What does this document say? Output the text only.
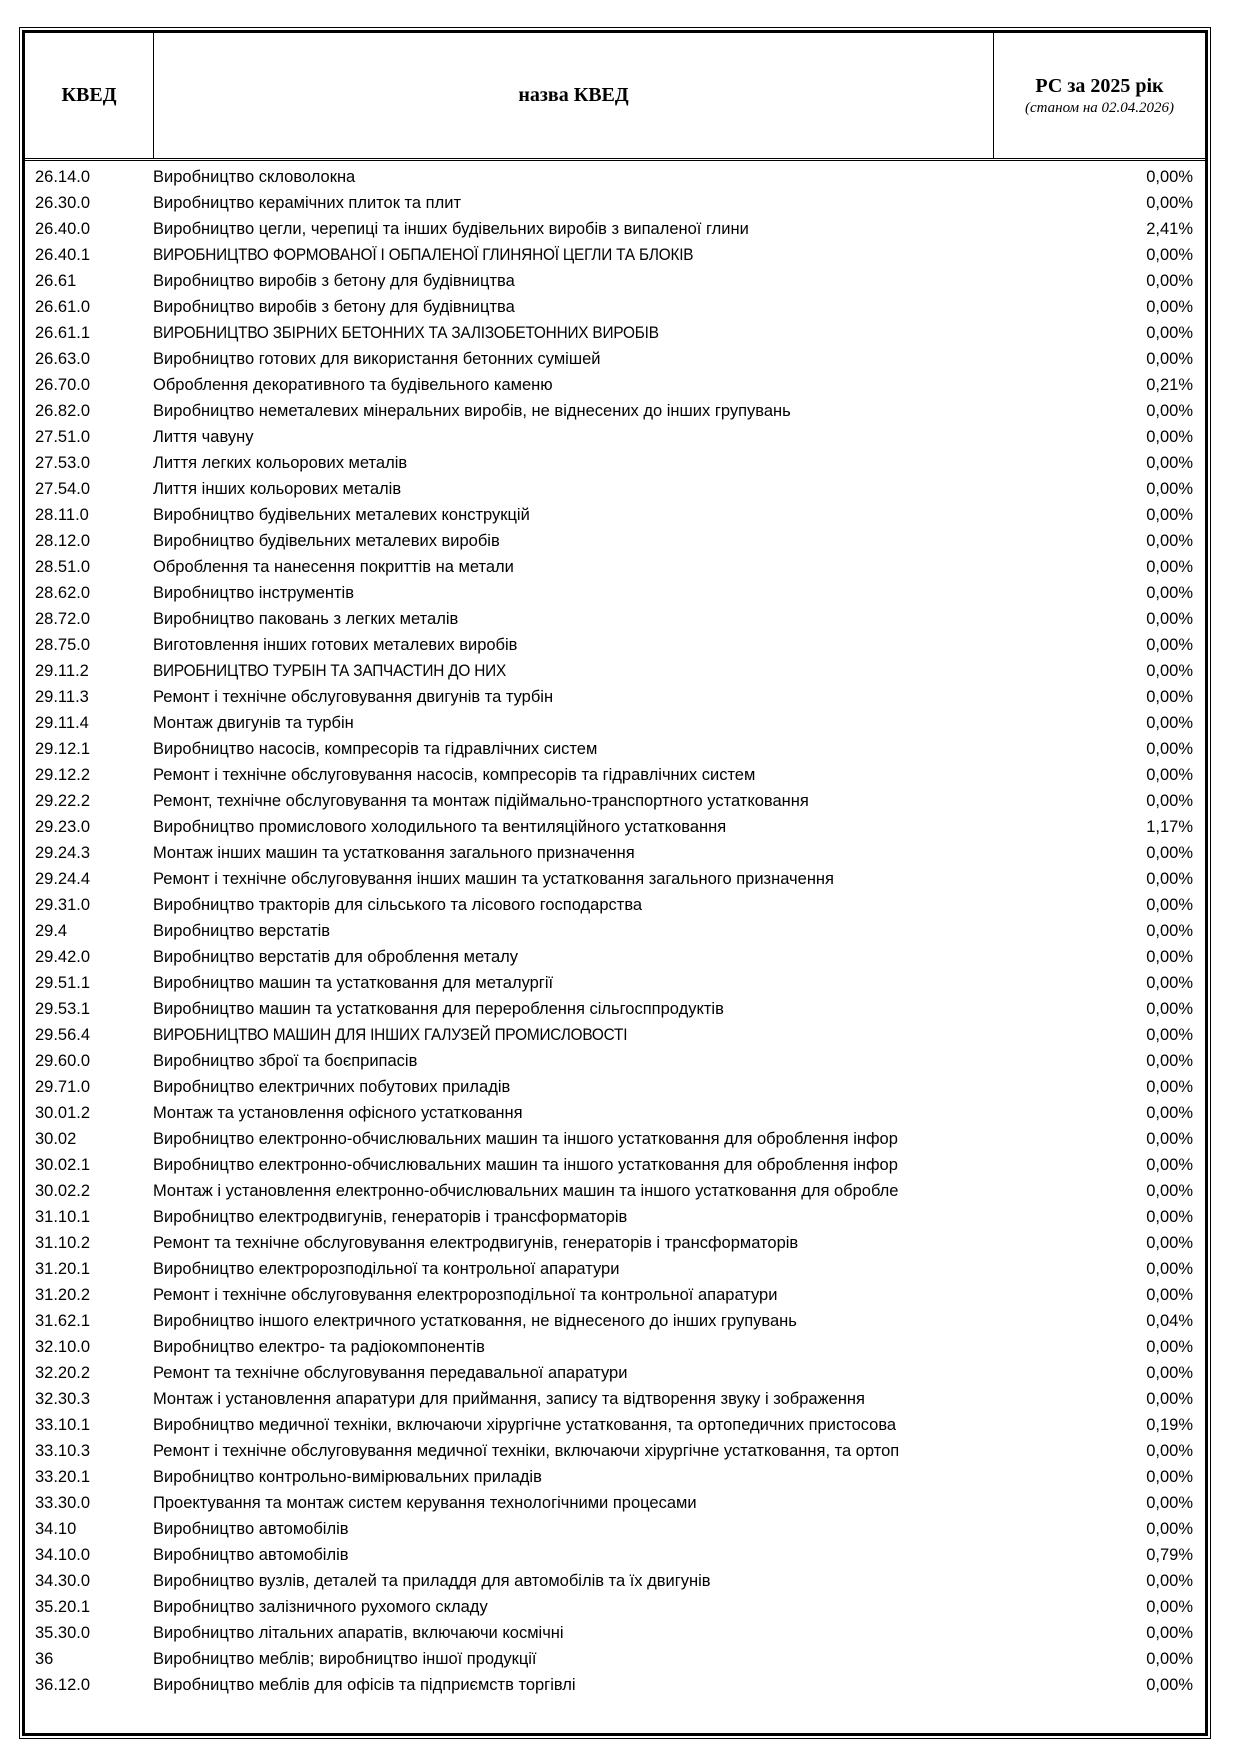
КВЕД	назва КВЕД	РС за 2025 рік
(станом на 02.04.2026)
26.14.0	Виробництво скловолокна	0,00%
26.30.0	Виробництво керамічних плиток та плит	0,00%
26.40.0	Виробництво цегли, черепиці та інших будівельних виробів з випаленої глини	2,41%
26.40.1	ВИРОБНИЦТВО ФОРМОВАНОЇ І ОБПАЛЕНОЇ ГЛИНЯНОЇ ЦЕГЛИ ТА БЛОКІВ	0,00%
26.61	Виробництво виробів з бетону для будівництва	0,00%
26.61.0	Виробництво виробів з бетону для будівництва	0,00%
26.61.1	ВИРОБНИЦТВО ЗБІРНИХ БЕТОННИХ ТА ЗАЛІЗОБЕТОННИХ ВИРОБІВ	0,00%
26.63.0	Виробництво готових для використання бетонних сумішей	0,00%
26.70.0	Оброблення декоративного та будівельного каменю	0,21%
26.82.0	Виробництво неметалевих мінеральних виробів, не віднесених до інших групувань	0,00%
27.51.0	Лиття чавуну	0,00%
27.53.0	Лиття легких кольорових металів	0,00%
27.54.0	Лиття інших кольорових металів	0,00%
28.11.0	Виробництво будівельних металевих конструкцій	0,00%
28.12.0	Виробництво будівельних металевих виробів	0,00%
28.51.0	Оброблення та нанесення покриттів на метали	0,00%
28.62.0	Виробництво інструментів	0,00%
28.72.0	Виробництво паковань з легких металів	0,00%
28.75.0	Виготовлення інших готових металевих виробів	0,00%
29.11.2	ВИРОБНИЦТВО ТУРБІН ТА ЗАПЧАСТИН ДО НИХ	0,00%
29.11.3	Ремонт і технічне обслуговування двигунів та турбін	0,00%
29.11.4	Монтаж двигунів та турбін	0,00%
29.12.1	Виробництво насосів, компресорів та гідравлічних систем	0,00%
29.12.2	Ремонт і технічне обслуговування насосів, компресорів та гідравлічних систем	0,00%
29.22.2	Ремонт, технічне обслуговування та монтаж підіймально-транспортного устатковання	0,00%
29.23.0	Виробництво промислового холодильного та вентиляційного устатковання	1,17%
29.24.3	Монтаж інших машин та устатковання загального призначення	0,00%
29.24.4	Ремонт і технічне обслуговування інших машин та устатковання загального призначення	0,00%
29.31.0	Виробництво тракторів для сільського та лісового господарства	0,00%
29.4	Виробництво верстатів	0,00%
29.42.0	Виробництво верстатів для оброблення металу	0,00%
29.51.1	Виробництво машин та устатковання для металургії	0,00%
29.53.1	Виробництво машин та устатковання для перероблення сільгосппродуктів	0,00%
29.56.4	ВИРОБНИЦТВО МАШИН ДЛЯ ІНШИХ ГАЛУЗЕЙ ПРОМИСЛОВОСТІ	0,00%
29.60.0	Виробництво зброї та боєприпасів	0,00%
29.71.0	Виробництво електричних побутових приладів	0,00%
30.01.2	Монтаж та установлення офісного устатковання	0,00%
30.02	Виробництво електронно-обчислювальних машин та іншого устатковання для оброблення інфор	0,00%
30.02.1	Виробництво електронно-обчислювальних машин та іншого устатковання для оброблення інфор	0,00%
30.02.2	Монтаж і установлення електронно-обчислювальних машин та іншого устатковання для обробле	0,00%
31.10.1	Виробництво електродвигунів, генераторів і трансформаторів	0,00%
31.10.2	Ремонт та технічне обслуговування електродвигунів, генераторів і трансформаторів	0,00%
31.20.1	Виробництво електророзподільної та контрольної апаратури	0,00%
31.20.2	Ремонт і технічне обслуговування електророзподільної та контрольної апаратури	0,00%
31.62.1	Виробництво іншого електричного устатковання, не віднесеного до інших групувань	0,04%
32.10.0	Виробництво електро- та радіокомпонентів	0,00%
32.20.2	Ремонт та технічне обслуговування передавальної апаратури	0,00%
32.30.3	Монтаж і установлення апаратури для приймання, запису та відтворення звуку і зображення	0,00%
33.10.1	Виробництво медичної техніки, включаючи хірургічне устатковання, та ортопедичних пристосова	0,19%
33.10.3	Ремонт і технічне обслуговування медичної техніки, включаючи хірургічне устатковання, та ортоп	0,00%
33.20.1	Виробництво контрольно-вимірювальних приладів	0,00%
33.30.0	Проектування та монтаж систем керування технологічними процесами	0,00%
34.10	Виробництво автомобілів	0,00%
34.10.0	Виробництво автомобілів	0,79%
34.30.0	Виробництво вузлів, деталей та приладдя для автомобілів та їх двигунів	0,00%
35.20.1	Виробництво залізничного рухомого складу	0,00%
35.30.0	Виробництво літальних апаратів, включаючи космічні	0,00%
36	Виробництво меблів; виробництво іншої продукції	0,00%
36.12.0	Виробництво меблів для офісів та підприємств торгівлі	0,00%
